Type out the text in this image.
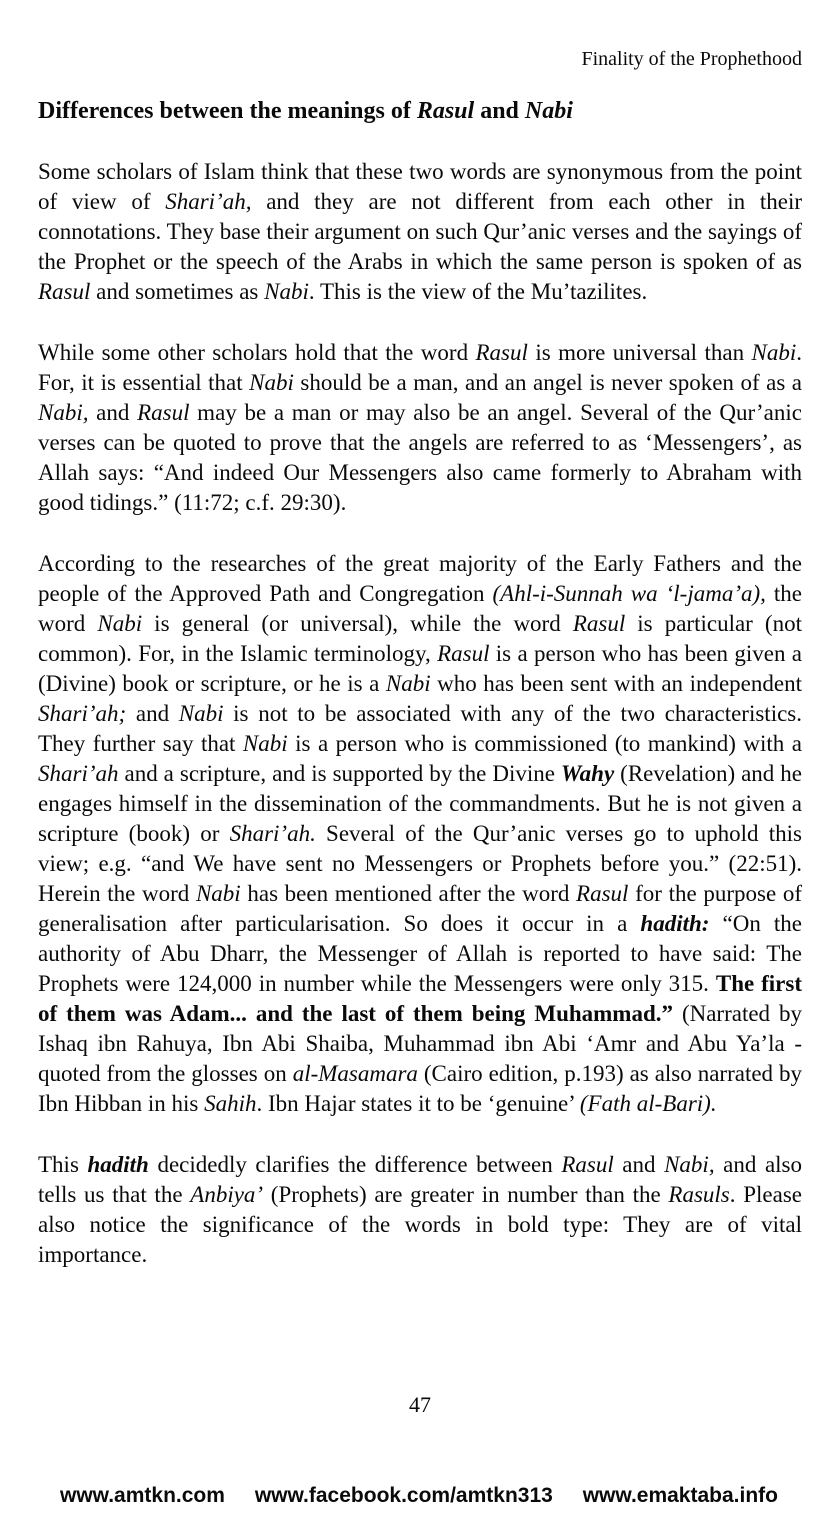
Finality of the Prophethood
Differences between the meanings of Rasul and Nabi

Some scholars of Islam think that these two words are synonymous from the point of view of Shari’ah, and they are not different from each other in their connotations. They base their argument on such Qur’anic verses and the sayings of the Prophet or the speech of the Arabs in which the same person is spoken of as Rasul and sometimes as Nabi. This is the view of the Mu’tazilites.

While some other scholars hold that the word Rasul is more universal than Nabi. For, it is essential that Nabi should be a man, and an angel is never spoken of as a Nabi, and Rasul may be a man or may also be an angel. Several of the Qur’anic verses can be quoted to prove that the angels are referred to as ‘Messengers’, as Allah says: “And indeed Our Messengers also came formerly to Abraham with good tidings.” (11:72; c.f. 29:30).

According to the researches of the great majority of the Early Fathers and the people of the Approved Path and Congregation (Ahl-i-Sunnah wa ‘l-jama’a), the word Nabi is general (or universal), while the word Rasul is particular (not common). For, in the Islamic terminology, Rasul is a person who has been given a (Divine) book or scripture, or he is a Nabi who has been sent with an independent Shari’ah; and Nabi is not to be associated with any of the two characteristics. They further say that Nabi is a person who is commissioned (to mankind) with a Shari’ah and a scripture, and is supported by the Divine Wahy (Revelation) and he engages himself in the dissemination of the commandments. But he is not given a scripture (book) or Shari’ah. Several of the Qur’anic verses go to uphold this view; e.g. “and We have sent no Messengers or Prophets before you.” (22:51). Herein the word Nabi has been mentioned after the word Rasul for the purpose of generalisation after particularisation. So does it occur in a hadith: “On the authority of Abu Dharr, the Messenger of Allah is reported to have said: The Prophets were 124,000 in number while the Messengers were only 315. The first of them was Adam... and the last of them being Muhammad.” (Narrated by Ishaq ibn Rahuya, Ibn Abi Shaiba, Muhammad ibn Abi ‘Amr and Abu Ya’la - quoted from the glosses on al-Masamara (Cairo edition, p.193) as also narrated by Ibn Hibban in his Sahih. Ibn Hajar states it to be ‘genuine’ (Fath al-Bari).

This hadith decidedly clarifies the difference between Rasul and Nabi, and also tells us that the Anbiya’ (Prophets) are greater in number than the Rasuls. Please also notice the significance of the words in bold type: They are of vital importance.

47
www.amtkn.com www.facebook.com/amtkn313 www.emaktaba.info
